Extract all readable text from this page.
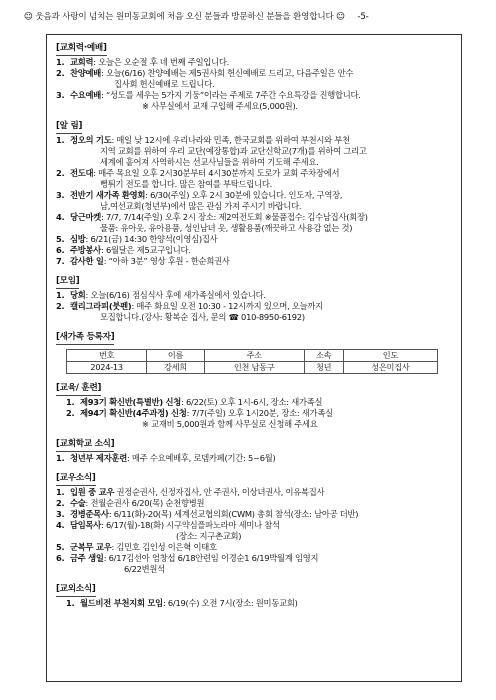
☺ 웃음과 사랑이 넘치는 원미동교회에 처음 오신 분들과 방문하신 분들을 환영합니다 ☺ -5-
[교회력·예배]
1. 교회력: 오늘은 오순절 후 네 번째 주일입니다.
2. 찬양예배: 오늘(6/16) 찬양예배는 제5권사회 헌신예배로 드리고, 다음주일은 안수
집사회 헌신예배로 드립니다.
3. 수요예배: “성도를 세우는 5가지 기둥”이라는 주제로 7주간 수요특강을 진행합니다.
※ 사무실에서 교재 구입해 주세요(5,000원).
[알 림]
1. 정오의 기도: 매일 낮 12시에 우리나라와 민족, 한국교회를 위하여 부천시와 부천
지역 교회를 위하여 우리 교단(예장통합)과 교단신학교(7개)를 위하여 그리고
세계에 흩어져 사역하시는 선교사님들을 위하여 기도해 주세요.
2. 전도대: 매주 목요일 오후 2시30분부터 4시30분까지 도로가 교회 주차장에서
뻥튀기 전도를 합니다. 많은 참여를 부탁드립니다.
3. 전반기 새가족 환영회: 6/30(주일) 오후 2시 30분에 있습니다. 인도자, 구역장,
남,여선교회(청년부)에서 많은 관심 가져 주시기 바랍니다.
4. 당근마켓: 7/7, 7/14(주일) 오후 2시 장소: 제2여전도회 ※물품접수: 김수남집사(회장)
물품: 유아옷, 유아용품, 성인남녀 옷, 생활용품(깨끗하고 사용감 없는 것)
5. 심방: 6/21(금) 14:30 한양석(이영심)집사
6. 주방봉사: 6월달은 제5교구입니다.
7. 감사한 일: “아하 3분” 영상 후원 - 한순희권사
[모임]
1. 당회: 오늘(6/16) 점심식사 후에 새가족실에서 있습니다.
2. 캘리그라피(붓펜): 매주 화요일 오전 10:30 - 12시까지 있으며, 오늘까지
모집합니다.(강사: 황복순 집사, 문의 ☎ 010-8950-6192)
[새가족 등록자]
번호	이름	주소	소속	인도
2024-13	강세희	인천 남동구	청년	성은미집사
[교육/ 훈련]
1. 제93기 확신반(특별반) 신청: 6/22(토) 오후 1시-6시, 장소: 새가족실
2. 제94기 확신반(4주과정) 신청: 7/7(주일) 오후 1시20분, 장소: 새가족실
※ 교재비 5,000원과 함께 사무실로 신청해 주세요
[교회학교 소식]
1. 청년부 제자훈련: 매주 수요예배후, 로뎀카페(기간: 5~6월)
[교우소식]
1. 입원 중 교우 권정순권사, 신정자집사, 안 주권사, 이상녀권사, 이유복집사
2. 수술: 전월순권사 6/20(목) 순천향병원
3. 경병준목사: 6/11(화)-20(목) 세계선교협의회(CWM) 총회 참석(장소: 남아공 더반)
4. 담임목사: 6/17(월)-18(화) 시구약심플파노라마 세미나 참석
(장소: 지구촌교회)
5. 군복무 교우: 김민호 김인성 이은혁 이태호
6. 금주 생일: 6/17김선아 엄창섭 6/18안련임 이경순1 6/19박월계 임영지
6/22변원석
[교외소식]
1. 월드비전 부천지회 모임: 6/19(수) 오전 7시(장소: 원미동교회)
